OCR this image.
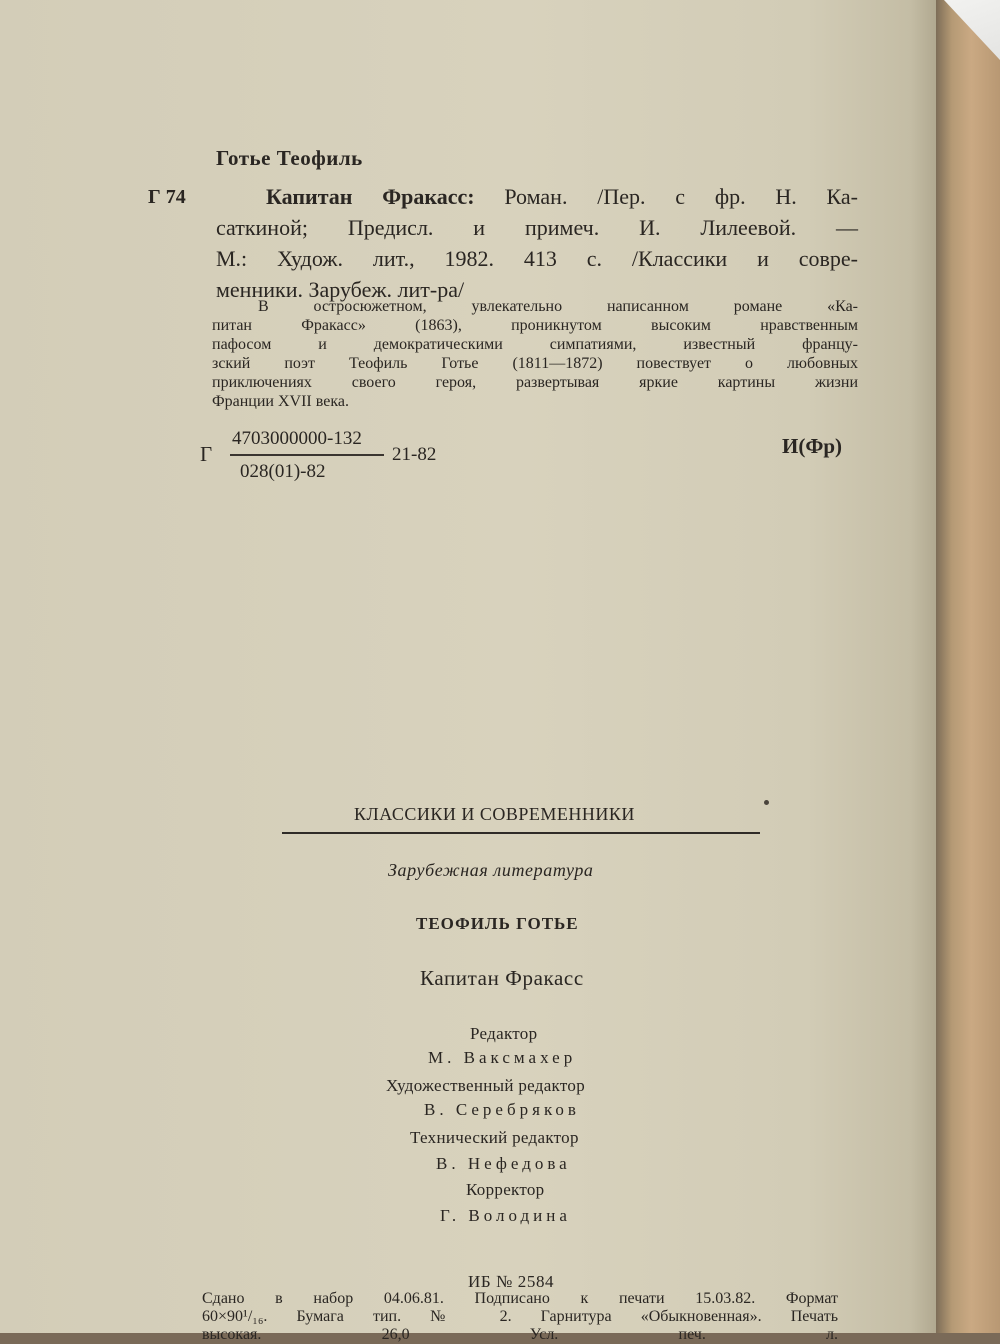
Готье Теофиль
Г 74	Капитан Фракасс: Роман. /Пер. с фр. Н. Ка-
саткиной; Предисл. и примеч. И. Лилеевой. —
М.: Худож. лит., 1982. 413 с. /Классики и совре-
менники. Зарубеж. лит-ра/
В остросюжетном, увлекательно написанном романе «Ка-
питан Фракасс» (1863), проникнутом высоким нравственным
пафосом и демократическими симпатиями, известный францу-
зский поэт Теофиль Готье (1811—1872) повествует о любовных
приключениях своего героя, развертывая яркие картины жизни
Франции XVII века.
Г
4703000000-132
028(01)-82
21-82	И(Фр)
КЛАССИКИ И СОВРЕМЕННИКИ
Зарубежная литература
ТЕОФИЛЬ ГОТЬЕ
Капитан Фракасс
Редактор
М. Ваксмахер
Художественный редактор
В. Серебряков
Технический редактор
В. Нефедова
Корректор
Г. Володина
ИБ № 2584
Сдано в набор 04.06.81. Подписано к печати 15.03.82. Формат
60×90¹/₁₆. Бумага тип. № 2. Гарнитура «Обыкновенная». Печать
высокая. 26,0 Усл. печ. л.
